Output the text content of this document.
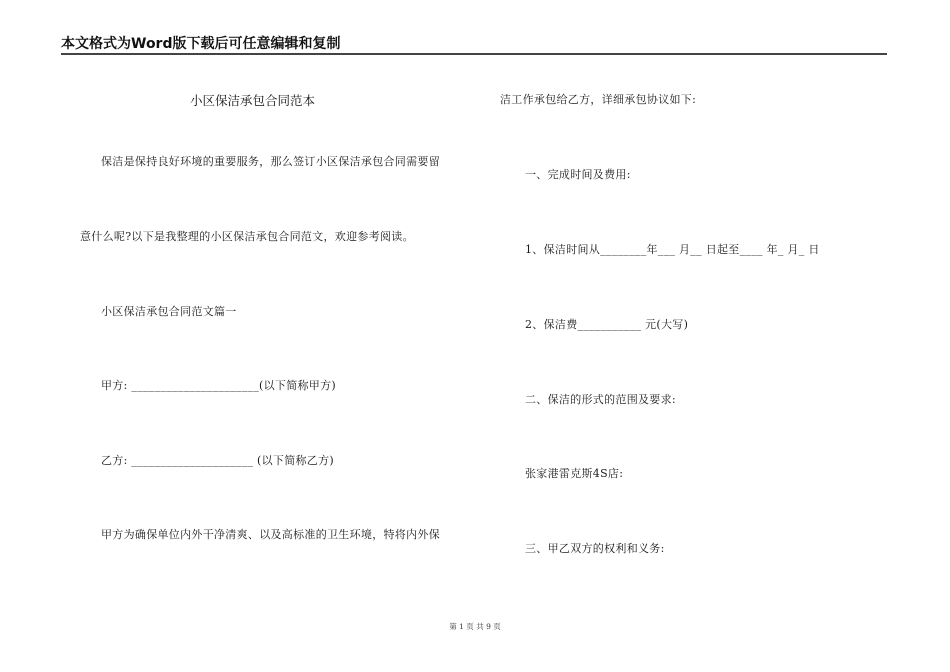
本文格式为Word版下载后可任意编辑和复制
小区保洁承包合同范本
保洁是保持良好环境的重要服务，那么签订小区保洁承包合同需要留
意什么呢?以下是我整理的小区保洁承包合同范文，欢迎参考阅读。
小区保洁承包合同范文篇一
甲方: ______________________(以下简称甲方)
乙方: _____________________ (以下简称乙方)
甲方为确保单位内外干净清爽、以及高标准的卫生环境，特将内外保
洁工作承包给乙方，详细承包协议如下:
一、完成时间及费用:
1、保洁时间从________年___ 月__ 日起至____ 年_ 月_ 日
2、保洁费___________ 元(大写)
二、保洁的形式的范围及要求:
张家港雷克斯4S店:
三、甲乙双方的权利和义务:
第 1 页 共 9 页
